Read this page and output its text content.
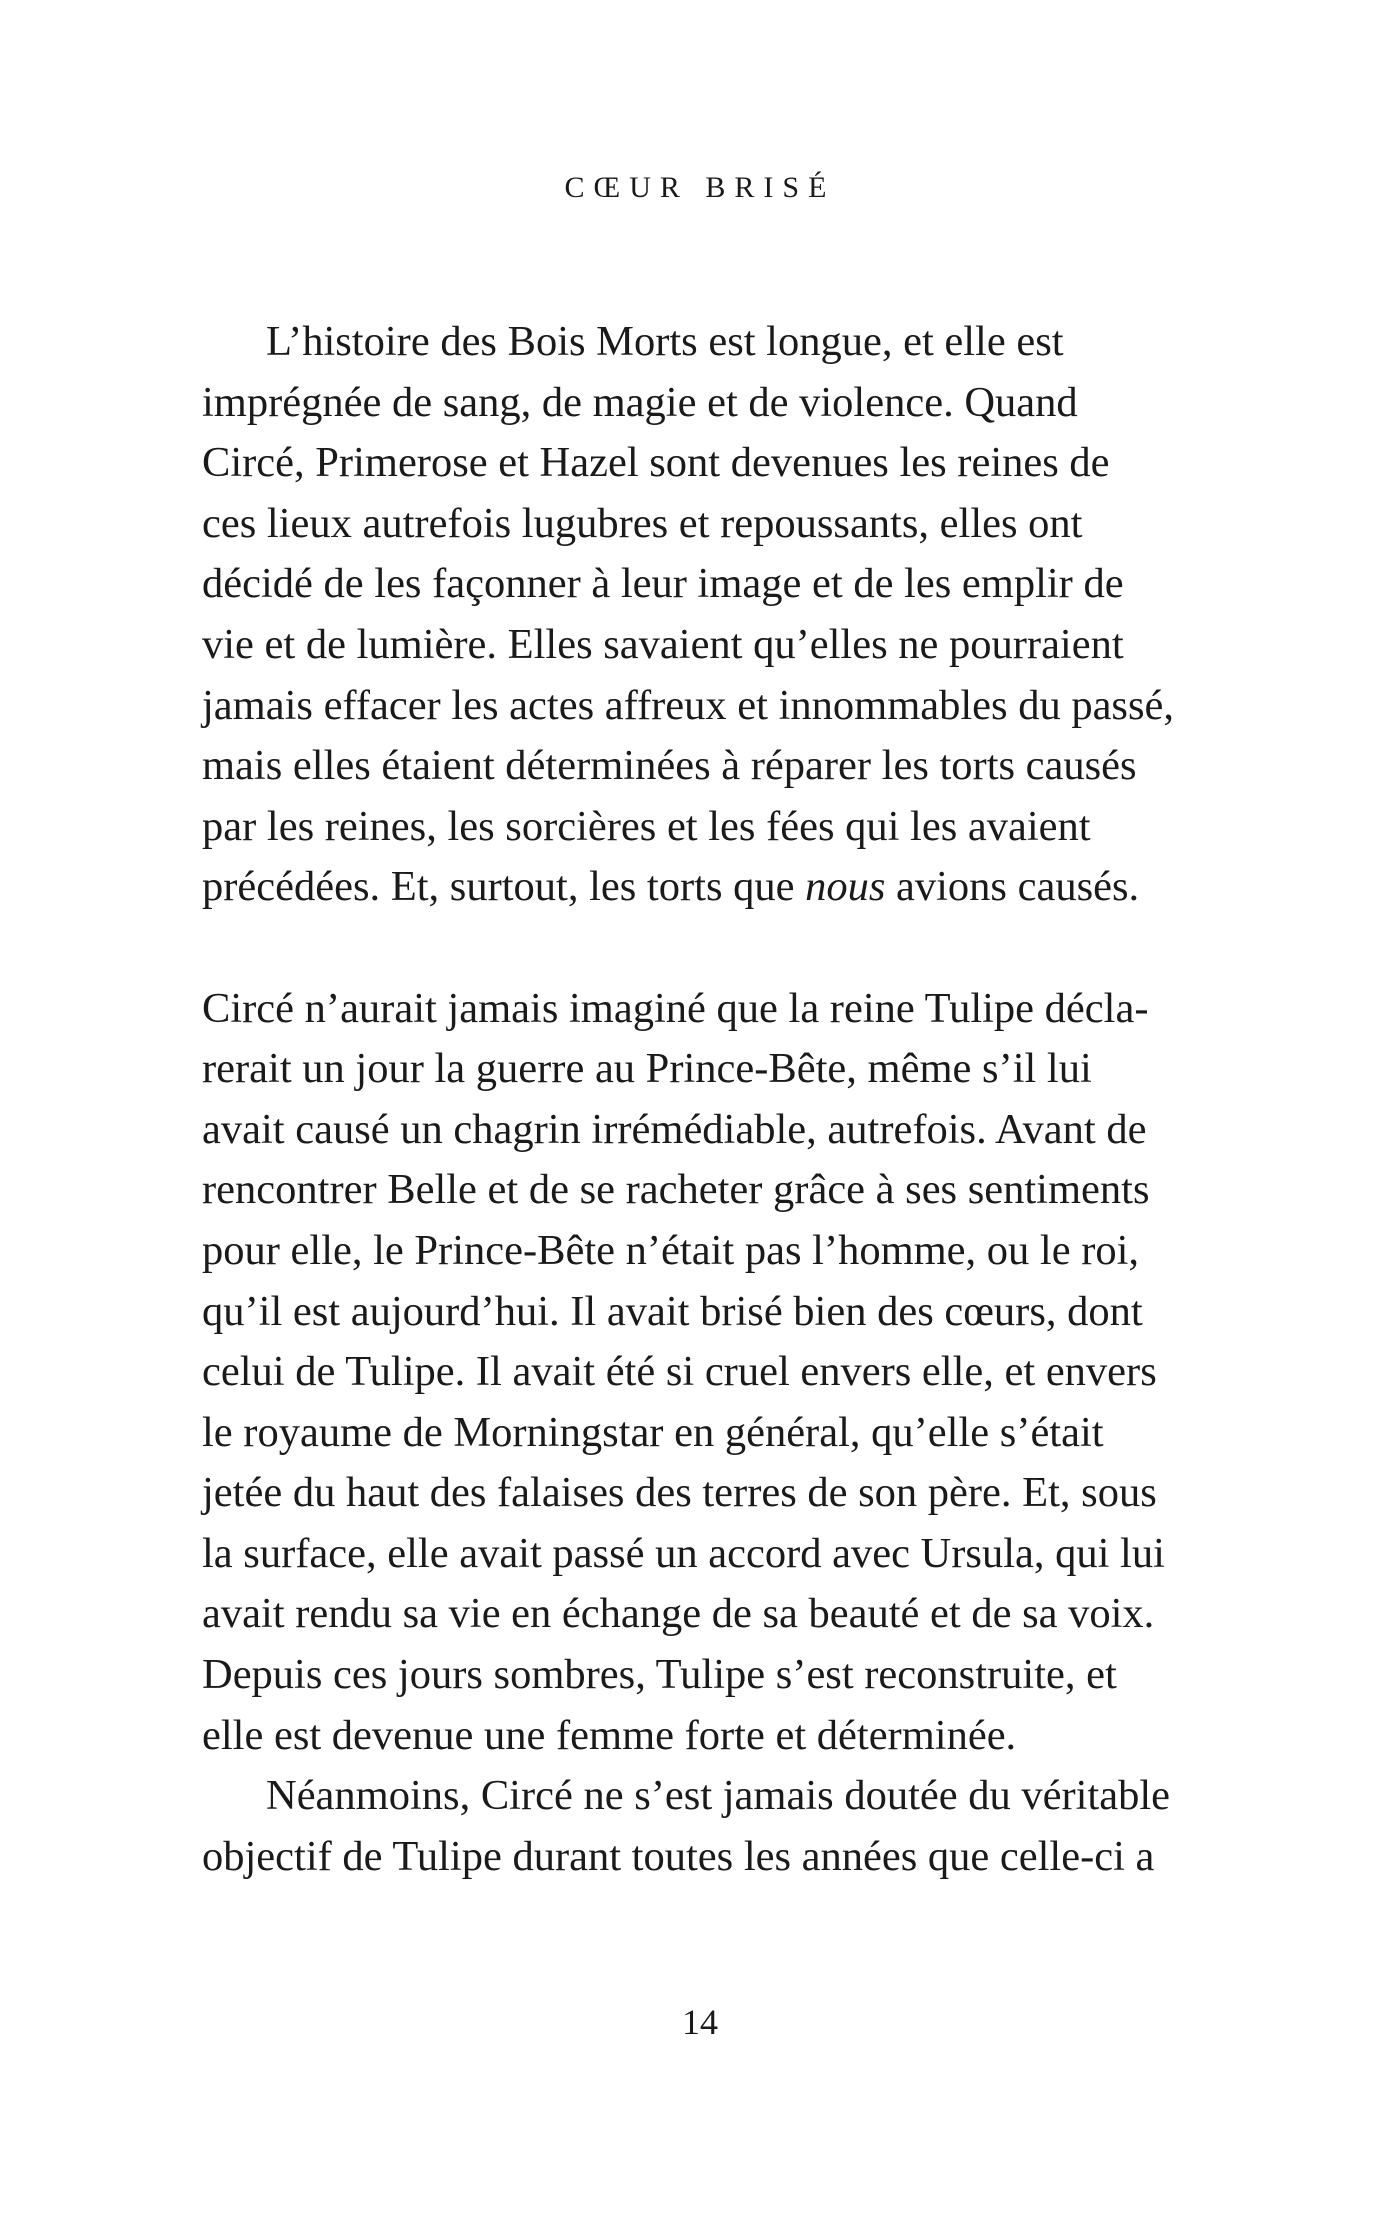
CŒUR BRISÉ

L’histoire des Bois Morts est longue, et elle est
imprégnée de sang, de magie et de violence. Quand
Circé, Primerose et Hazel sont devenues les reines de
ces lieux autrefois lugubres et repoussants, elles ont
décidé de les façonner à leur image et de les emplir de
vie et de lumière. Elles savaient qu’elles ne pourraient
jamais effacer les actes affreux et innommables du passé,
mais elles étaient déterminées à réparer les torts causés
par les reines, les sorcières et les fées qui les avaient
précédées. Et, surtout, les torts que nous avions causés.

Circé n’aurait jamais imaginé que la reine Tulipe décla-
rerait un jour la guerre au Prince-Bête, même s’il lui
avait causé un chagrin irrémédiable, autrefois. Avant de
rencontrer Belle et de se racheter grâce à ses sentiments
pour elle, le Prince-Bête n’était pas l’homme, ou le roi,
qu’il est aujourd’hui. Il avait brisé bien des cœurs, dont
celui de Tulipe. Il avait été si cruel envers elle, et envers
le royaume de Morningstar en général, qu’elle s’était
jetée du haut des falaises des terres de son père. Et, sous
la surface, elle avait passé un accord avec Ursula, qui lui
avait rendu sa vie en échange de sa beauté et de sa voix.
Depuis ces jours sombres, Tulipe s’est reconstruite, et
elle est devenue une femme forte et déterminée.

Néanmoins, Circé ne s’est jamais doutée du véritable
objectif de Tulipe durant toutes les années que celle-ci a

14
